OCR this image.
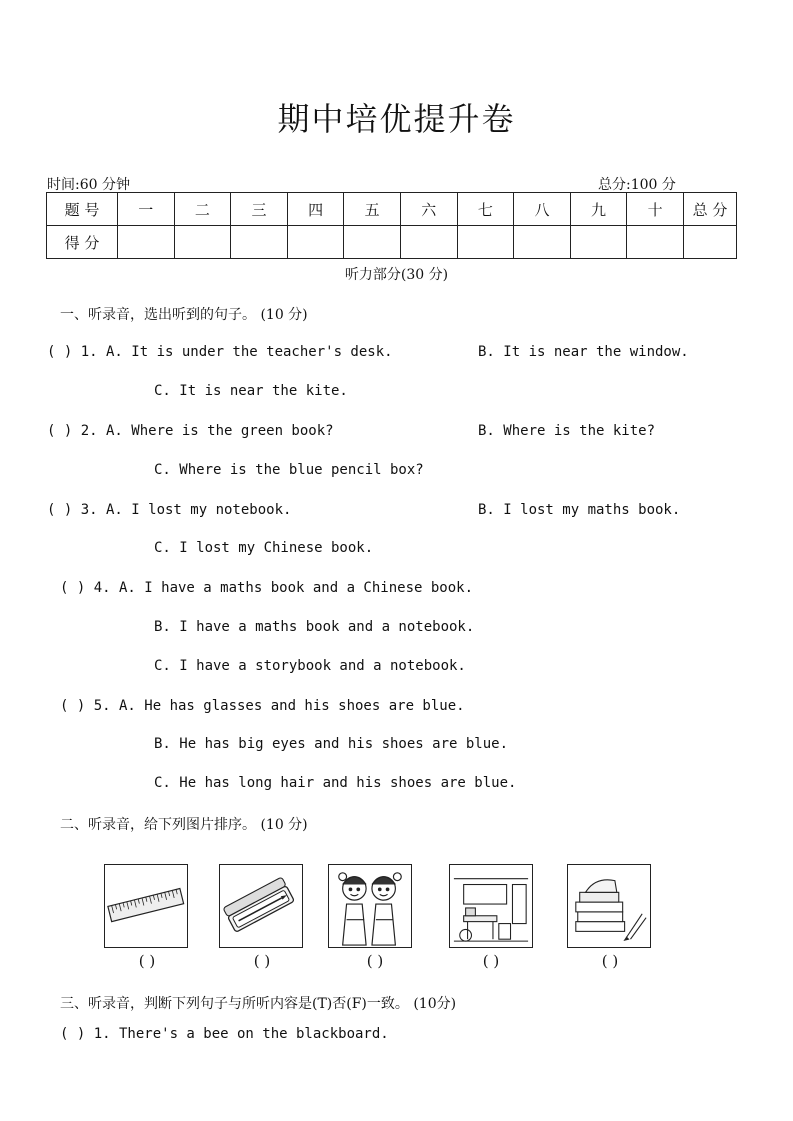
期中培优提升卷
时间:60 分钟	总分:100 分
题 号	一	二	三	四	五	六	七	八	九	十	总 分
得 分											
听力部分(30 分)
一、听录音，选出听到的句子。 (10 分)
( ) 1. A. It is under the teacher's desk.	B. It is near the window.
C. It is near the kite.
( ) 2. A. Where is the green book?	B. Where is the kite?
C. Where is the blue pencil box?
( ) 3. A. I lost my notebook.	B. I lost my maths book.
C. I lost my Chinese book.
( ) 4. A. I have a maths book and a Chinese book.
B. I have a maths book and a notebook.
C. I have a storybook and a notebook.
( ) 5. A. He has glasses and his shoes are blue.
B. He has big eyes and his shoes are blue.
C. He has long hair and his shoes are blue.
二、听录音，给下列图片排序。 (10 分)
( )	( )	( )	( )	( )
三、听录音，判断下列句子与所听内容是(T)否(F)一致。 (10分)
( ) 1. There's a bee on the blackboard.
